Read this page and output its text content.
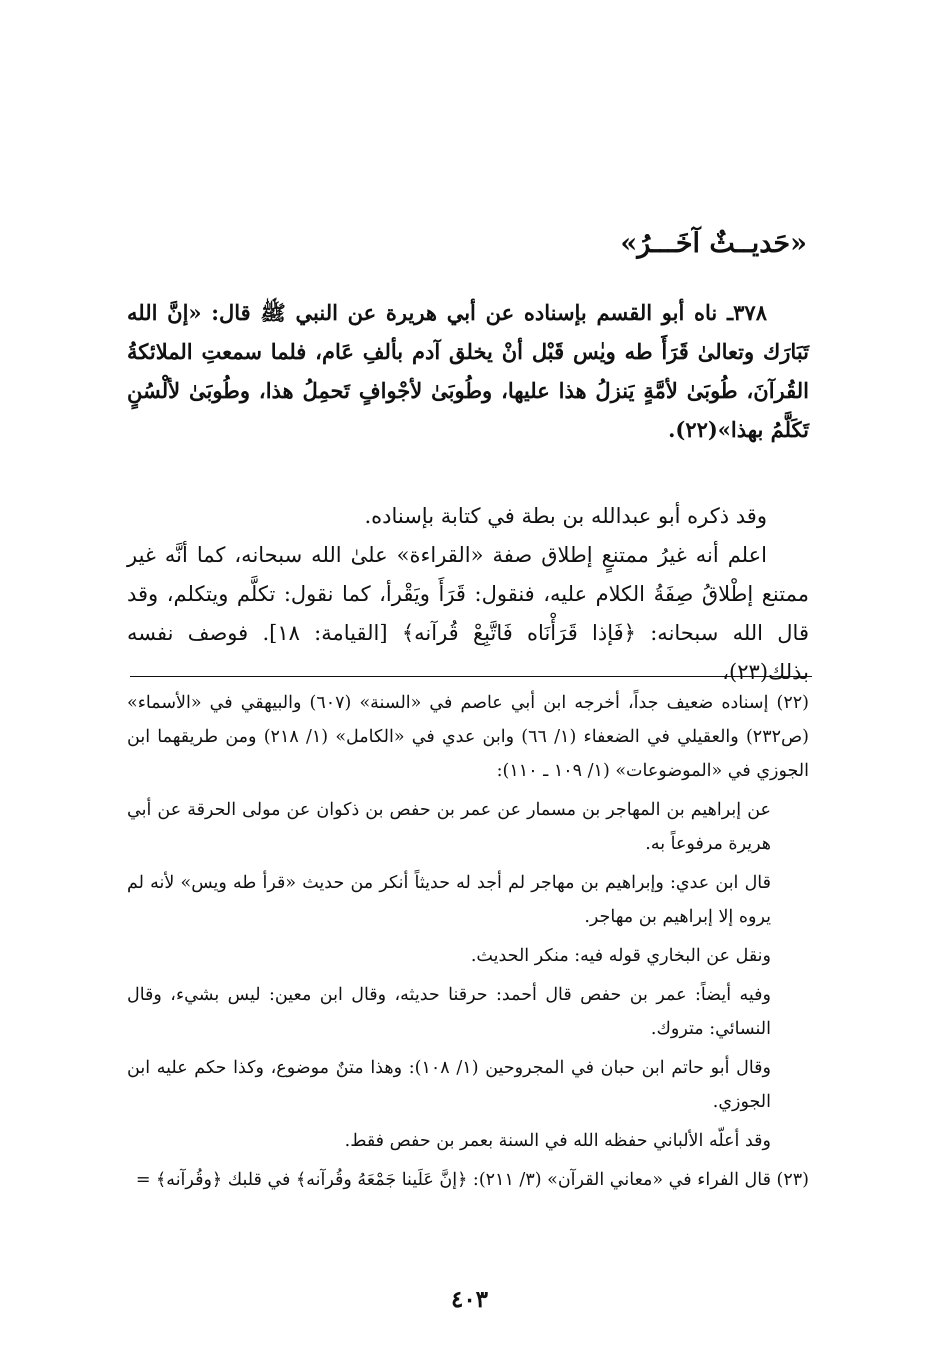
«حَديــثٌ آخَـــرُ»

٣٧٨ـ ناه أبو القسم بإسناده عن أبي هريرة عن النبي ﷺ قال: «إنَّ الله تَبَارَك وتعالىٰ قَرَأَ طه ويٰس قَبْل أنْ يخلق آدم بألفِ عَام، فلما سمعتِ الملائكةُ القُرآنَ، طُوبَىٰ لأمَّةٍ يَنزلُ هذا عليها، وطُوبَىٰ لأجْوافٍ تَحمِلُ هذا، وطُوبَىٰ لألْسُنٍ تَكَلَّمُ بهذا»(٢٢).

وقد ذكره أبو عبدالله بن بطة في كتابة بإسناده.

اعلم أنه غيرُ ممتنعٍ إطلاق صفة «القراءة» علىٰ الله سبحانه، كما أنَّه غير ممتنع إطْلاقُ صِفَةُ الكلام عليه، فنقول: قَرَأَ ويَقْرأ، كما نقول: تكلَّم ويتكلم، وقد قال الله سبحانه: ﴿فَإذا قَرَأْنَاه فَاتَّبِعْ قُرآنه﴾ [القيامة: ١٨]. فوصف نفسه بذلك(٢٣)،

(٢٢) إسناده ضعيف جداً، أخرجه ابن أبي عاصم في «السنة» (٦٠٧) والبيهقي في «الأسماء» (ص٢٣٢) والعقيلي في الضعفاء (١/ ٦٦) وابن عدي في «الكامل» (١/ ٢١٨) ومن طريقهما ابن الجوزي في «الموضوعات» (١/ ١٠٩ ـ ١١٠):

عن إبراهيم بن المهاجر بن مسمار عن عمر بن حفص بن ذكوان عن مولى الحرقة عن أبي هريرة مرفوعاً به.

قال ابن عدي: وإبراهيم بن مهاجر لم أجد له حديثاً أنكر من حديث «قرأ طه ويس» لأنه لم يروه إلا إبراهيم بن مهاجر.

ونقل عن البخاري قوله فيه: منكر الحديث.

وفيه أيضاً: عمر بن حفص قال أحمد: حرقنا حديثه، وقال ابن معين: ليس بشيء، وقال النسائي: متروك.

وقال أبو حاتم ابن حبان في المجروحين (١/ ١٠٨): وهذا متنٌ موضوع، وكذا حكم عليه ابن الجوزي.

وقد أعلّه الألباني حفظه الله في السنة بعمر بن حفص فقط.

(٢٣) قال الفراء في «معاني القرآن» (٣/ ٢١١): ﴿إنَّ عَلَينا جَمْعَهُ وقُرآنه﴾ في قلبك ﴿وقُرآنه﴾ =

٤٠٣
